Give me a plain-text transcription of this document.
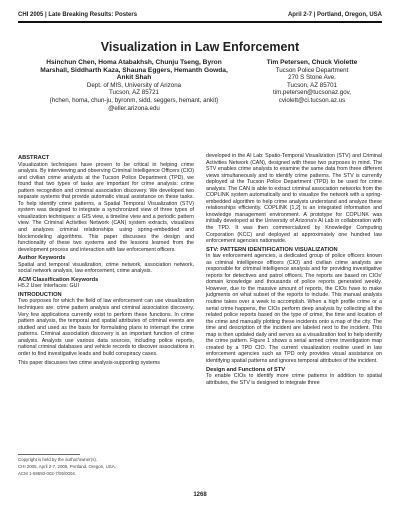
CHI 2005 | Late Breaking Results: Posters	April 2-7 | Portland, Oregon, USA
Visualization in Law Enforcement
Hsinchun Chen, Homa Atabakhsh, Chunju Tseng, Byron
Marshall, Siddharth Kaza, Shauna Eggers, Hemanth Gowda,
Ankit Shah
Dept. of MIS, University of Arizona
Tucson, AZ 85721
{hchen, homa, chun-ju, byronm, sidd, seggers, hemant, ankit}
@eller.arizona.edu
Tim Petersen, Chuck Violette
Tucson Police Department
270 S Stone Ave.
Tucson, AZ 85701
tim.petersen@tucsonaz.gov,
cviolett@ci.tucson.az.us
ABSTRACT

Visualization techniques have proven to be critical in helping crime analysis. By interviewing and observing Criminal Intelligence Officers (CIO) and civilian crime analysts at the Tucson Police Department (TPD), we found that two types of tasks are important for crime analysis: crime pattern recognition and criminal association discovery. We developed two separate systems that provide automatic visual assistance on these tasks. To help identify crime patterns, a Spatial Temporal Visualization (STV) system was designed to integrate a synchronized view of three types of visualization techniques: a GIS view, a timeline view and a periodic pattern view. The Criminal Activities Network (CAN) system extracts, visualizes and analyzes criminal relationships using spring-embedded and blockmodeling algorithms. This paper discusses the design and functionality of these two systems and the lessons learned from the development process and interaction with law enforcement officers.

Author Keywords

Spatial and temporal visualization, crime network, association network, social network analysis, law enforcement, crime analysis.

ACM Classification Keywords

H5.2 User Interfaces: GUI

INTRODUCTION

Two purposes for which the field of law enforcement can use visualization techniques are: crime pattern analysis and criminal association discovery. Very few applications currently exist to perform these functions. In crime pattern analysis, the temporal and spatial attributes of criminal events are studied and used as the basis for formulating plans to interrupt the crime patterns. Criminal association discovery is an important function of crime analysis. Analysts use various data sources, including police reports, national criminal databases and vehicle records to discover associations in order to find investigative leads and build conspiracy cases.

This paper discusses two crime analysis-supporting systems

Copyright is held by the author/owner(s).
CHI 2005, April 2-7, 2005, Portland, Oregon, USA.
ACM 1-59593-002-7/05/0004.

developed in the AI Lab: Spatio-Temporal Visualization (STV) and Criminal Activities Network (CAN), designed with these two purposes in mind. The STV enables crime analysts to examine the same data from three different views simultaneously and to identify crime patterns. The STV is currently deployed at the Tucson Police Department (TPD) to be used for crime analysis. The CAN is able to extract criminal association networks from the COPLINK system automatically and to visualize the network with a spring-embedded algorithm to help crime analysts understand and analyze these relationships efficiently. COPLINK [1,2] is an integrated information and knowledge management environment. A prototype for COPLINK was initially developed at the University of Arizona's AI Lab in collaboration with the TPD. It was then commercialized by Knowledge Computing Corporation (KCC) and deployed at approximately one hundred law enforcement agencies nationwide.

STV: PATTERN IDENTIFICATION VISUALIZATION

In law enforcement agencies, a dedicated group of police officers known as criminal intelligence officers (CIO) and civilian crime analysts are responsible for criminal intelligence analysis and for providing investigative reports for detectives and patrol officers. The reports are based on CIOs' domain knowledge and thousands of police reports generated weekly. However, due to the massive amount of reports, the CIOs have to make judgments on what subset of the reports to include. This manual analysis routine takes over a week to accomplish. When a high profile crime or a serial crime happens, the CIOs perform deep analysis by collecting all the related police reports based on the type of crime, the time and location of the crime and manually plotting these incidents onto a map of the city. The time and description of the incident are labeled next to the incident. This map is then updated daily and serves as a visualization tool to help identify the crime pattern. Figure 1 shows a serial armed crime investigation map created by a TPD CIO. The current visualization routine used in law enforcement agencies such as TPD only provides visual assistance on identifying spatial patterns and ignores temporal attributes of the incident.

Design and Functions of STV

To enable CIOs to identify more crime patterns in addition to spatial attributes, the STV is designed to integrate three

1268
